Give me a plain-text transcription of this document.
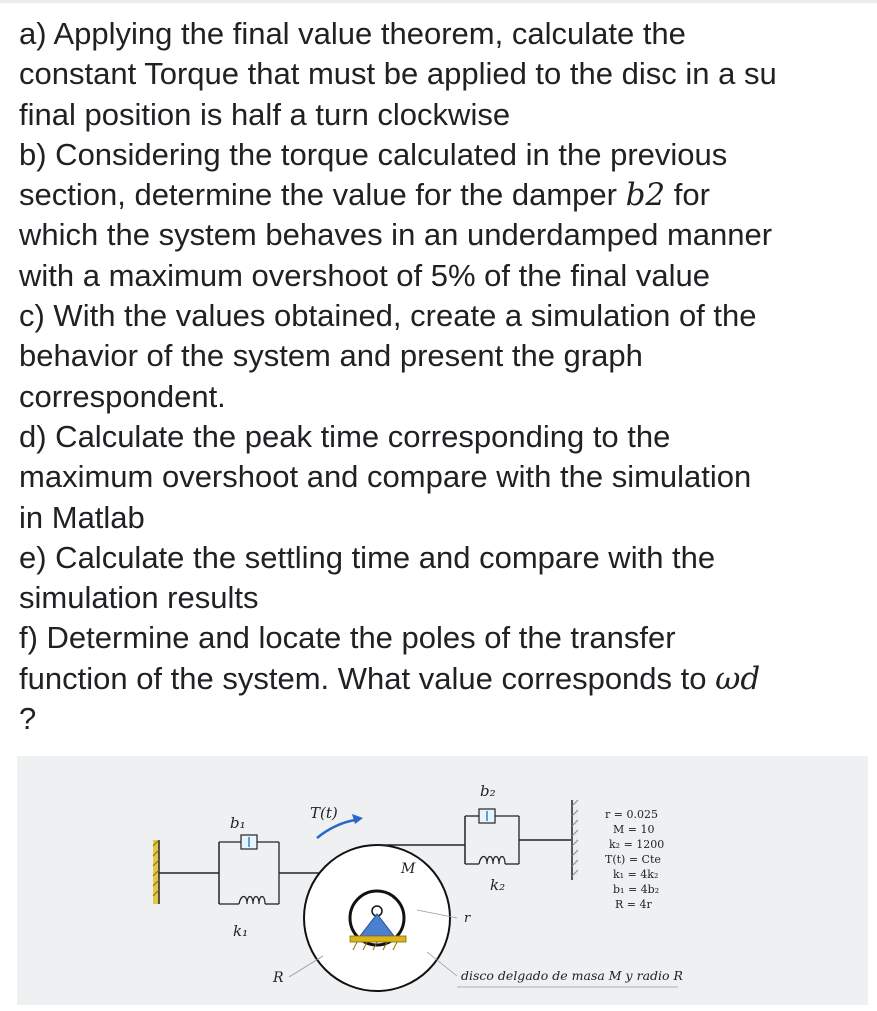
a) Applying the final value theorem, calculate the
constant Torque that must be applied to the disc in a su
final position is half a turn clockwise
b) Considering the torque calculated in the previous
section, determine the value for the damper b2 for
which the system behaves in an underdamped manner
with a maximum overshoot of 5% of the final value
c) With the values obtained, create a simulation of the
behavior of the system and present the graph
correspondent.
d) Calculate the peak time corresponding to the
maximum overshoot and compare with the simulation
in Matlab
e) Calculate the settling time and compare with the
simulation results
f) Determine and locate the poles of the transfer
function of the system. What value corresponds to ωd
?
b₁
k₁
M
T(t)
b₂
k₂
r
R
r = 0.025
M = 10
k₂ = 1200
T(t) = Cte
k₁ = 4k₂
b₁ = 4b₂
R = 4r
disco delgado de masa M y radio R
